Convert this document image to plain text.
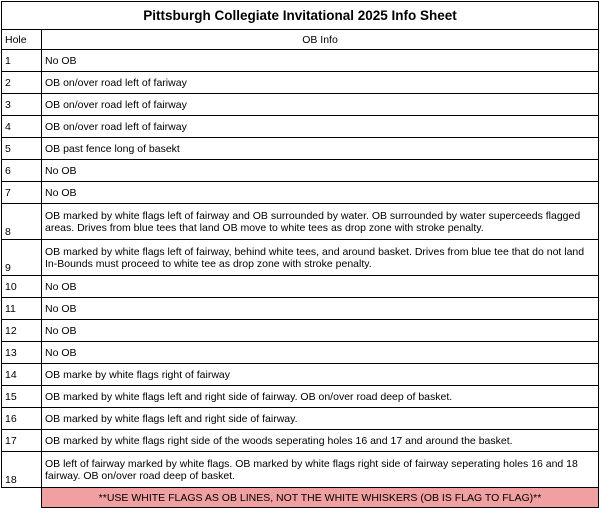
Pittsburgh Collegiate Invitational 2025 Info Sheet	
Hole	OB Info
1	No OB
2	OB on/over road left of fariway
3	OB on/over road left of fairway
4	OB on/over road left of fairway
5	OB past fence long of basekt
6	No OB
7	No OB
8	OB marked by white flags left of fairway and OB surrounded by water. OB surrounded by water superceeds flagged areas. Drives from blue tees that land OB move to white tees as drop zone with stroke penalty.
9	OB marked by white flags left of fairway, behind white tees, and around basket. Drives from blue tee that do not land In-Bounds must proceed to white tee as drop zone with stroke penalty.
10	No OB
11	No OB
12	No OB
13	No OB
14	OB marke by white flags right of fairway
15	OB marked by white flags left and right side of fairway. OB on/over road deep of basket.
16	OB marked by white flags left and right side of fairway.
17	OB marked by white flags right side of the woods seperating holes 16 and 17 and around the basket.
18	OB left of fairway marked by white flags. OB marked by white flags right side of fairway seperating holes 16 and 18 fairway. OB on/over road deep of basket.
	**USE WHITE FLAGS AS OB LINES, NOT THE WHITE WHISKERS (OB IS FLAG TO FLAG)**
